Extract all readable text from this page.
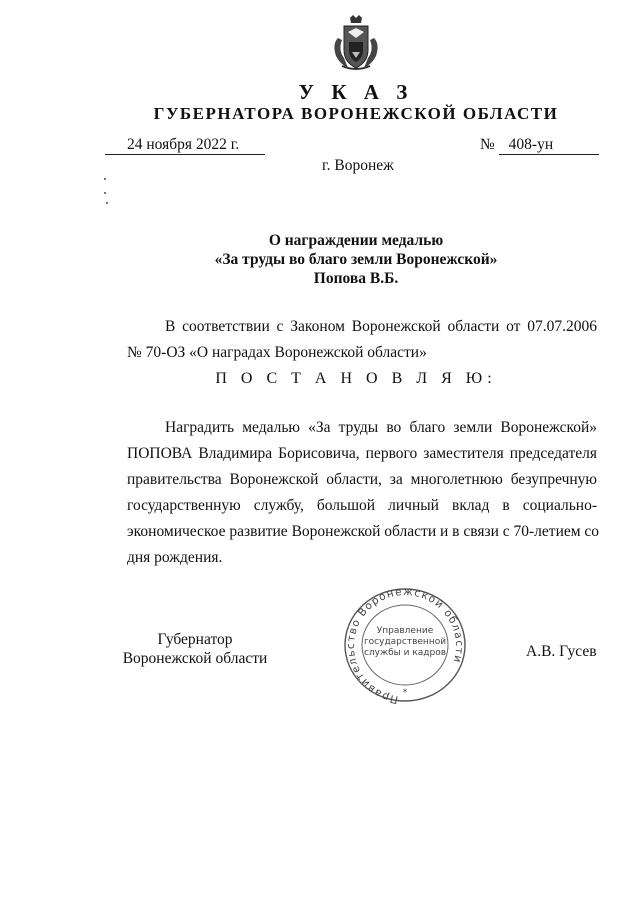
У К А З
ГУБЕРНАТОРА ВОРОНЕЖСКОЙ ОБЛАСТИ
24 ноября 2022 г.	№ 408-ун
г. Воронеж
О награждении медалью
«За труды во благо земли Воронежской»
Попова В.Б.
В соответствии с Законом Воронежской области от 07.07.2006
№ 70-ОЗ «О наградах Воронежской области»
П О С Т А Н О В Л Я Ю:
Наградить медалью «За труды во благо земли Воронежской»
ПОПОВА Владимира Борисовича, первого заместителя председателя
правительства Воронежской области, за многолетнюю безупречную
государственную службу, большой личный вклад в социально-
экономическое развитие Воронежской области и в связи с 70-летием со
дня рождения.
Губернатор
Воронежской области
Правительство Воронежской области
*
Управление
государственной
службы и кадров	А.В. Гусев
